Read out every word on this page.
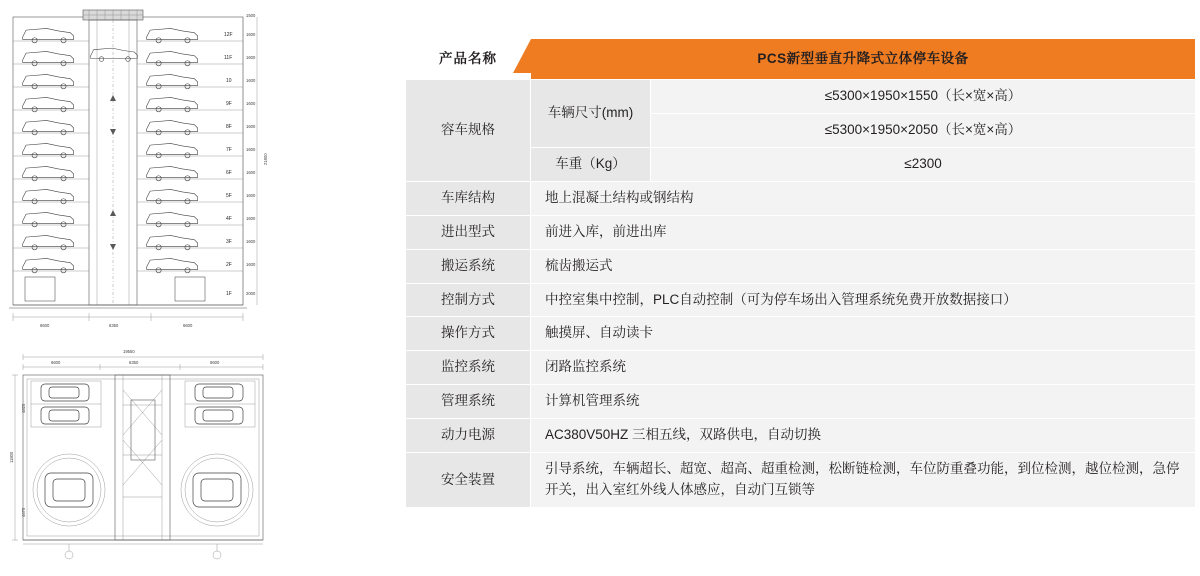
12F
11F
10
9F
8F
7F
6F
5F
4F
3F
2F
1F
1600
1600
1600
1600
1600
1600
1600
1600
1600
1600
1600
2000
1500
21800
6600	6350	6600
19550
6600	6350	6600
11800
4825
4675
产品名称	PCS新型垂直升降式立体停车设备	
容车规格	车辆尺寸(mm)	≤5300×1950×1550（长×宽×高）
		≤5300×1950×2050（长×宽×高）
	车重（Kg）	≤2300
车库结构	地上混凝土结构或钢结构	
进出型式	前进入库，前进出库	
搬运系统	梳齿搬运式	
控制方式	中控室集中控制，PLC自动控制（可为停车场出入管理系统免费开放数据接口）	
操作方式	触摸屏、自动读卡	
监控系统	闭路监控系统	
管理系统	计算机管理系统	
动力电源	AC380V50HZ 三相五线，双路供电，自动切换	
安全装置	引导系统，车辆超长、超宽、超高、超重检测，松断链检测，车位防重叠功能，到位检测，越位检测，急停开关，出入室红外线人体感应，自动门互锁等	
